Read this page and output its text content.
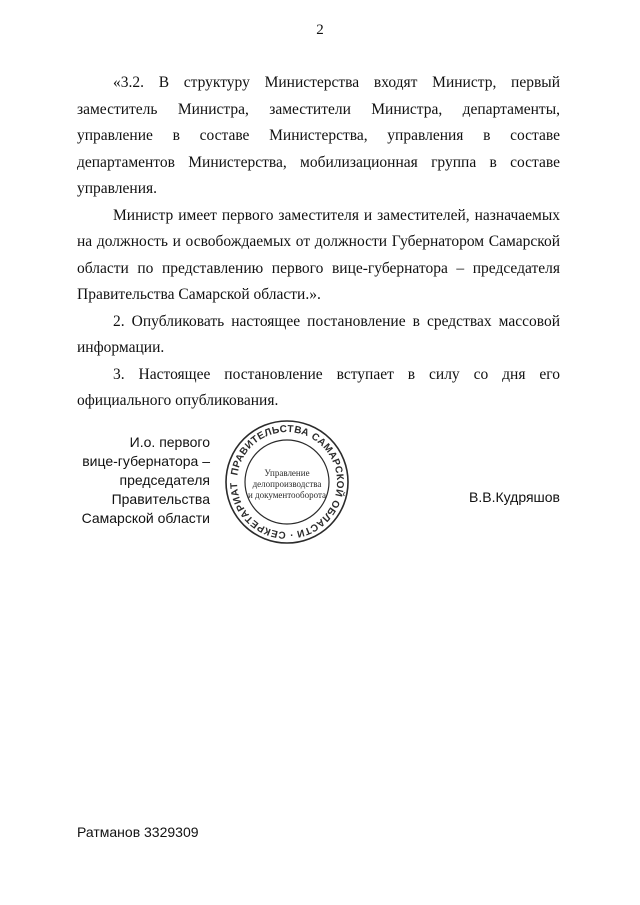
2

«3.2. В структуру Министерства входят Министр, первый заместитель Министра, заместители Министра, департаменты, управление в составе Министерства, управления в составе департаментов Министерства, мобилизационная группа в составе управления.

Министр имеет первого заместителя и заместителей, назначаемых на должность и освобождаемых от должности Губернатором Самарской области по представлению первого вице-губернатора – председателя Правительства Самарской области.».

2. Опубликовать настоящее постановление в средствах массовой информации.

3. Настоящее постановление вступает в силу со дня его официального опубликования.

И.о. первого
вице-губернатора –
председателя Правительства
Самарской области
ПРАВИТЕЛЬСТВА САМАРСКОЙ ОБЛАСТИ · СЕКРЕТАРИАТ
Управление
делопроизводства
и документооборота	В.В.Кудряшов
Ратманов 3329309
